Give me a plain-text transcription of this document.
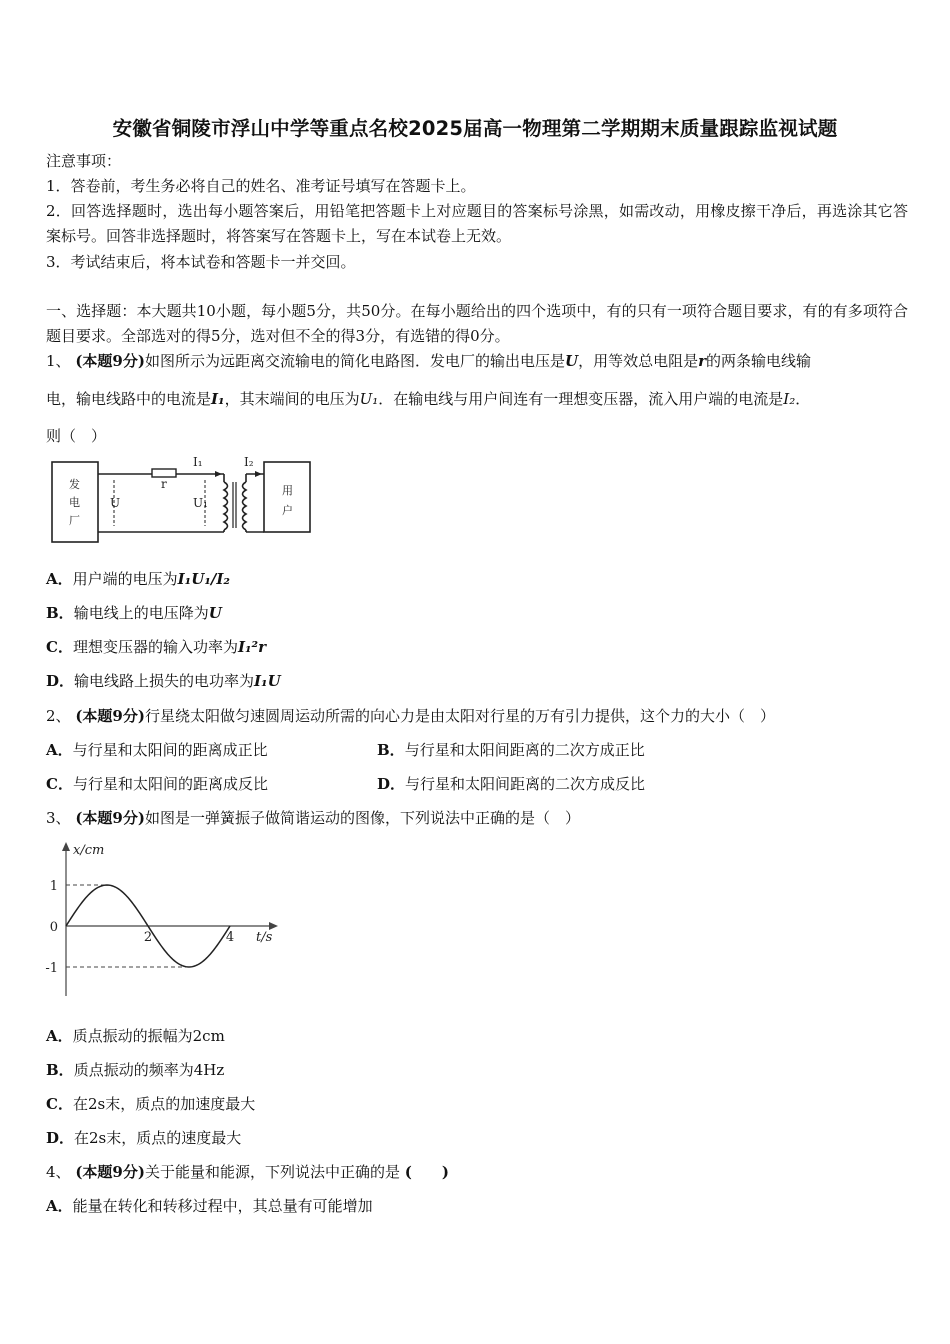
安徽省铜陵市浮山中学等重点名校2025届高一物理第二学期期末质量跟踪监视试题
注意事项：
1．答卷前，考生务必将自己的姓名、准考证号填写在答题卡上。
2．回答选择题时，选出每小题答案后，用铅笔把答题卡上对应题目的答案标号涂黑，如需改动，用橡皮擦干净后，再选涂其它答案标号。回答非选择题时，将答案写在答题卡上，写在本试卷上无效。
3．考试结束后，将本试卷和答题卡一并交回。
一、选择题：本大题共10小题，每小题5分，共50分。在每小题给出的四个选项中，有的只有一项符合题目要求，有的有多项符合题目要求。全部选对的得5分，选对但不全的得3分，有选错的得0分。
1、 (本题9分)如图所示为远距离交流输电的简化电路图．发电厂的输出电压是U，用等效总电阻是r的两条输电线输
电，输电线路中的电流是I₁，其末端间的电压为U₁．在输电线与用户间连有一理想变压器，流入用户端的电流是I₂．
则（　）
发
电
厂
用
户
r
U	U₁
I₁	I₂
A．用户端的电压为I₁U₁/I₂
B．输电线上的电压降为U
C．理想变压器的输入功率为I₁²r
D．输电线路上损失的电功率为I₁U
2、 (本题9分)行星绕太阳做匀速圆周运动所需的向心力是由太阳对行星的万有引力提供，这个力的大小（　）
A．与行星和太阳间的距离成正比	B．与行星和太阳间距离的二次方成正比
C．与行星和太阳间的距离成反比	D．与行星和太阳间距离的二次方成反比
3、 (本题9分)如图是一弹簧振子做简谐运动的图像，下列说法中正确的是（　）
1
0
-1
2	4
x/cm
t/s
A．质点振动的振幅为2cm
B．质点振动的频率为4Hz
C．在2s末，质点的加速度最大
D．在2s末，质点的速度最大
4、 (本题9分)关于能量和能源，下列说法中正确的是 (　　)
A．能量在转化和转移过程中，其总量有可能增加
